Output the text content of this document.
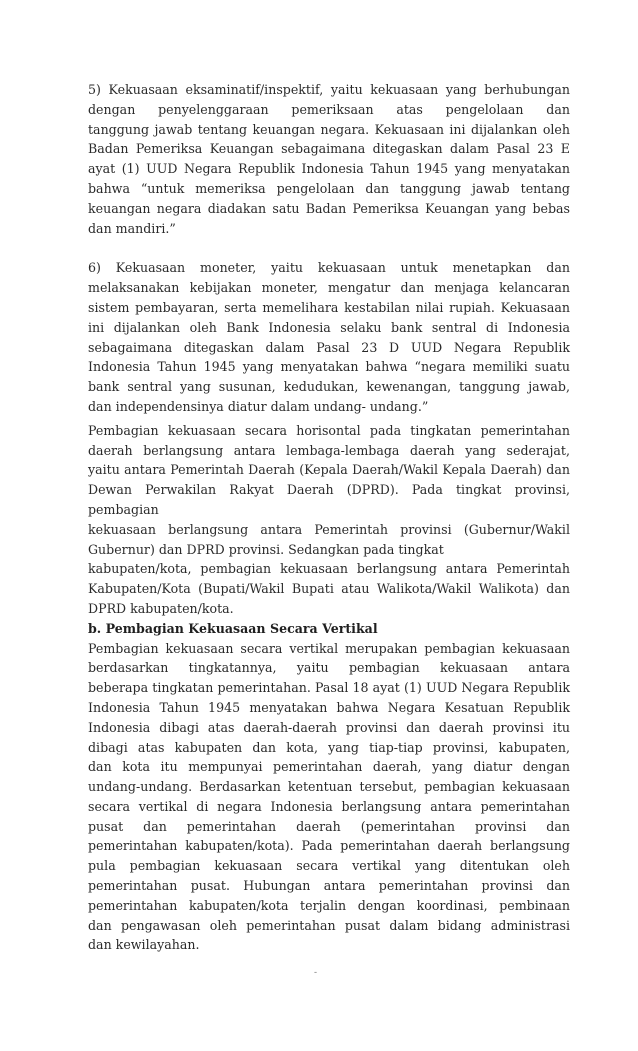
5) Kekuasaan eksaminatif/inspektif, yaitu kekuasaan yang berhubungan
dengan penyelenggaraan pemeriksaan atas pengelolaan dan
tanggung jawab tentang keuangan negara. Kekuasaan ini dijalankan oleh
Badan Pemeriksa Keuangan sebagaimana ditegaskan dalam Pasal 23 E
ayat (1) UUD Negara Republik Indonesia Tahun 1945 yang menyatakan
bahwa “untuk memeriksa pengelolaan dan tanggung jawab tentang
keuangan negara diadakan satu Badan Pemeriksa Keuangan yang bebas
dan mandiri.”

6) Kekuasaan moneter, yaitu kekuasaan untuk menetapkan dan
melaksanakan kebijakan moneter, mengatur dan menjaga kelancaran
sistem pembayaran, serta memelihara kestabilan nilai rupiah. Kekuasaan
ini dijalankan oleh Bank Indonesia selaku bank sentral di Indonesia
sebagaimana ditegaskan dalam Pasal 23 D UUD Negara Republik
Indonesia Tahun 1945 yang menyatakan bahwa “negara memiliki suatu
bank sentral yang susunan, kedudukan, kewenangan, tanggung jawab,
dan independensinya diatur dalam undang- undang.”

Pembagian kekuasaan secara horisontal pada tingkatan pemerintahan
daerah berlangsung antara lembaga-lembaga daerah yang sederajat,
yaitu antara Pemerintah Daerah (Kepala Daerah/Wakil Kepala Daerah) dan
Dewan Perwakilan Rakyat Daerah (DPRD). Pada tingkat provinsi, pembagian
kekuasaan berlangsung antara Pemerintah provinsi (Gubernur/Wakil
Gubernur) dan DPRD provinsi. Sedangkan pada tingkat
kabupaten/kota, pembagian kekuasaan berlangsung antara Pemerintah
Kabupaten/Kota (Bupati/Wakil Bupati atau Walikota/Wakil Walikota) dan
DPRD kabupaten/kota.

b. Pembagian Kekuasaan Secara Vertikal
Pembagian kekuasaan secara vertikal merupakan pembagian kekuasaan
berdasarkan tingkatannya, yaitu pembagian kekuasaan antara
beberapa tingkatan pemerintahan. Pasal 18 ayat (1) UUD Negara Republik
Indonesia Tahun 1945 menyatakan bahwa Negara Kesatuan Republik
Indonesia dibagi atas daerah-daerah provinsi dan daerah provinsi itu
dibagi atas kabupaten dan kota, yang tiap-tiap provinsi, kabupaten,
dan kota itu mempunyai pemerintahan daerah, yang diatur dengan
undang-undang. Berdasarkan ketentuan tersebut, pembagian kekuasaan
secara vertikal di negara Indonesia berlangsung antara pemerintahan
pusat dan pemerintahan daerah (pemerintahan provinsi dan
pemerintahan kabupaten/kota). Pada pemerintahan daerah berlangsung
pula pembagian kekuasaan secara vertikal yang ditentukan oleh
pemerintahan pusat. Hubungan antara pemerintahan provinsi dan
pemerintahan kabupaten/kota terjalin dengan koordinasi, pembinaan
dan pengawasan oleh pemerintahan pusat dalam bidang administrasi
dan kewilayahan.

-
